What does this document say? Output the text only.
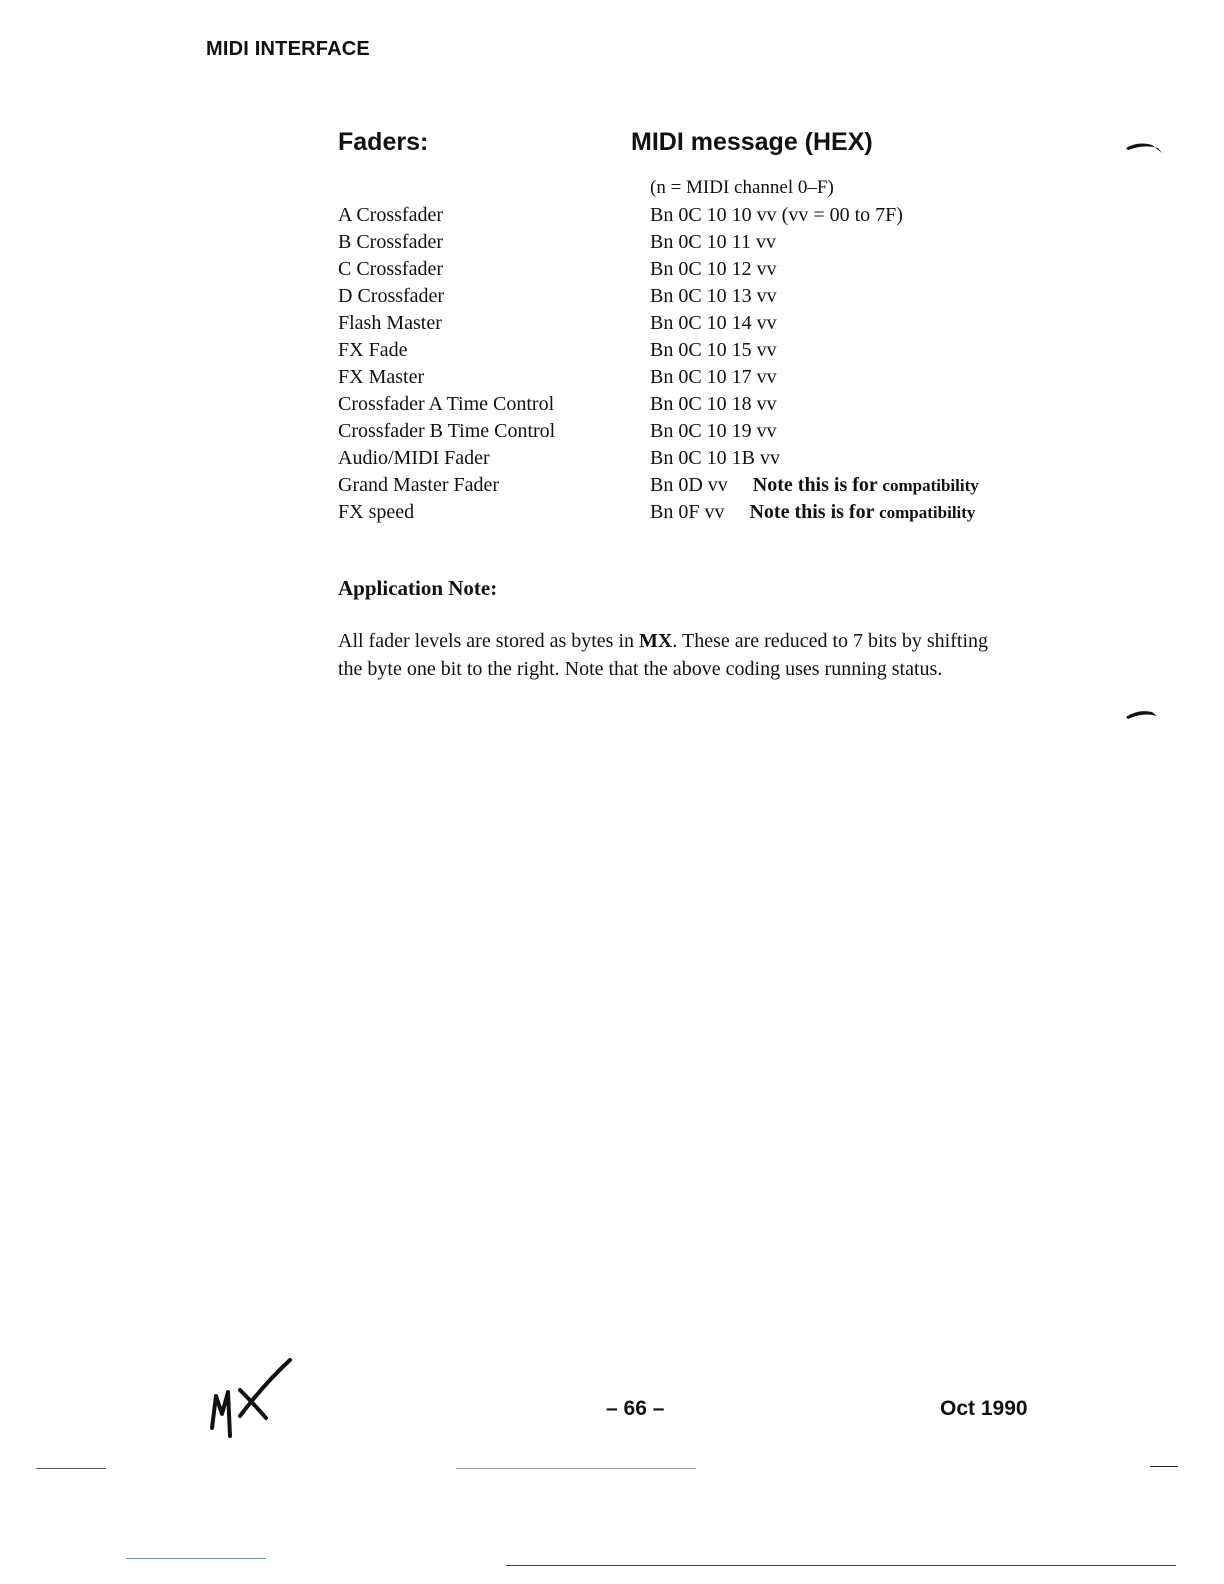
MIDI INTERFACE
Faders:	MIDI message (HEX)
(n = MIDI channel 0–F)
A Crossfader	Bn 0C 10 10 vv (vv = 00 to 7F)
B Crossfader	Bn 0C 10 11 vv
C Crossfader	Bn 0C 10 12 vv
D Crossfader	Bn 0C 10 13 vv
Flash Master	Bn 0C 10 14 vv
FX Fade	Bn 0C 10 15 vv
FX Master	Bn 0C 10 17 vv
Crossfader A Time Control	Bn 0C 10 18 vv
Crossfader B Time Control	Bn 0C 10 19 vv
Audio/MIDI Fader	Bn 0C 10 1B vv
Grand Master Fader	Bn 0D vv Note this is for compatibility
FX speed	Bn 0F vv Note this is for compatibility
Application Note:

All fader levels are stored as bytes in MX. These are reduced to 7 bits by shifting

the byte one bit to the right. Note that the above coding uses running status.

– 66 –	Oct 1990
